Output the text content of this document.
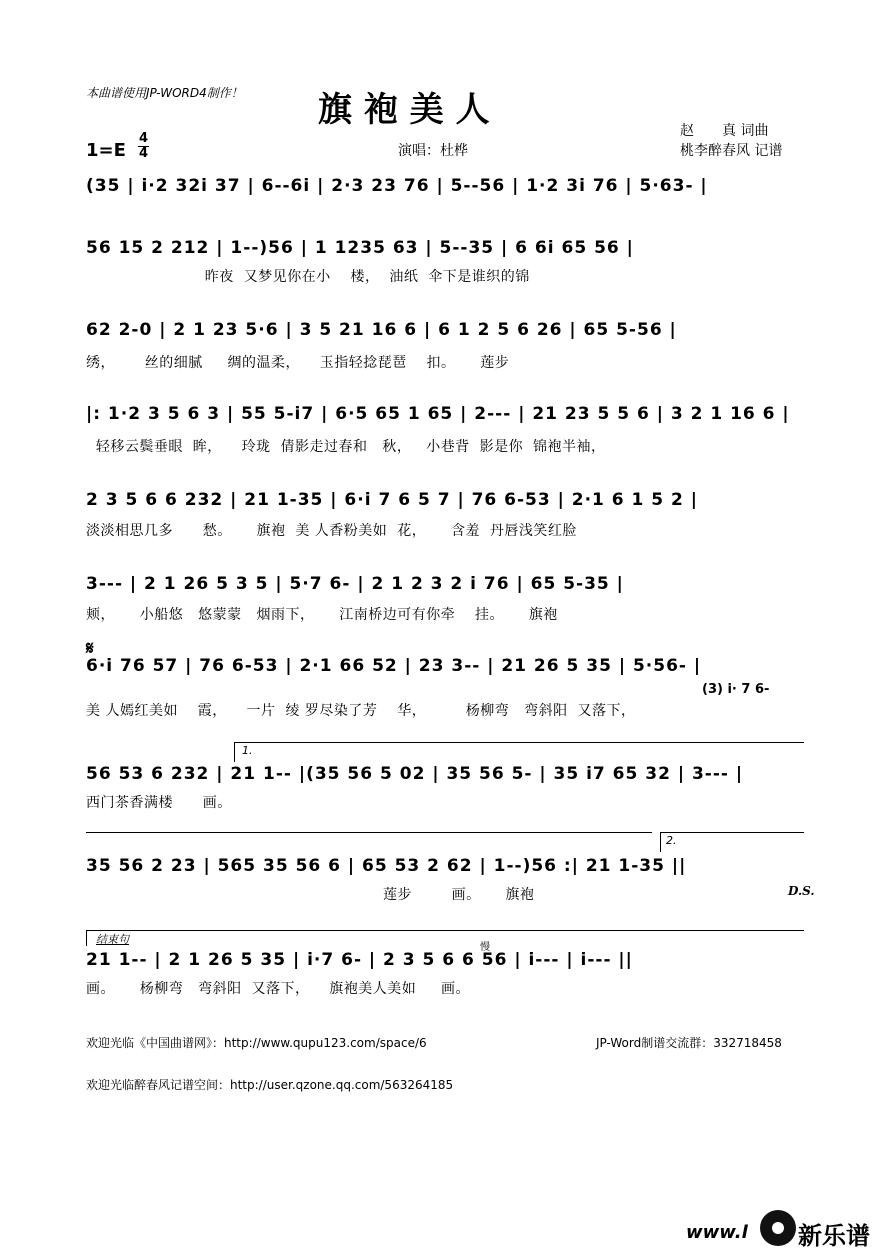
本曲谱使用JP-WORD4制作！ 旗 袍 美 人
1=E
4
4	演唱：杜桦
赵　　真 词曲
桃李醉春风 记谱
(35 | i·2 32i 37 | 6--6i | 2·3 23 76 | 5--56 | 1·2 3i 76 | 5·63- |
56 15 2 212 | 1--)56 | 1 1235 63 | 5--35 | 6 6i 65 56 |
昨夜  又梦见你在小    楼，  油纸  伞下是谁织的锦
62 2-0 | 2 1 23 5·6 | 3 5 21 16 6 | 6 1 2 5 6 26 | 65 5-56 |
绣，      丝的细腻     绸的温柔，    玉指轻捻琵琶    扣。     莲步
|: 1·2 3 5 6 3 | 55 5-i7 | 6·5 65 1 65 | 2--- | 21 23 5 5 6 | 3 2 1 16 6 |
轻移云鬓垂眼  眸，    玲珑  倩影走过春和   秋，   小巷背  影是你  锦袍半袖，
2 3 5 6 6 232 | 21 1-35 | 6·i 7 6 5 7 | 76 6-53 | 2·1 6 1 5 2 |
淡淡相思几多      愁。     旗袍  美 人香粉美如  花，     含羞  丹唇浅笑红脸
3--- | 2 1 26 5 3 5 | 5·7 6- | 2 1 2 3 2 i 76 | 65 5-35 |
颊，     小船悠   悠蒙蒙   烟雨下，     江南桥边可有你牵    挂。     旗袍
𝄋
6·i 76 57 | 76 6-53 | 2·1 66 52 | 23 3-- | 21 26 5 35 | 5·56- |
美 人嫣红美如    霞，    一片  绫 罗尽染了芳    华，        杨柳弯   弯斜阳  又落下，
(3) i· 7 6-
1.
56 53 6 232 | 21 1-- |(35 56 5 02 | 35 56 5- | 35 i7 65 32 | 3--- |
西门茶香满楼      画。
2.
35 56 2 23 | 565 35 56 6 | 65 53 2 62 | 1--)56 :| 21 1-35 ||
莲步        画。     旗袍	D.S.
结束句
慢
21 1-- | 2 1 26 5 35 | i·7 6- | 2 3 5 6 6 56 | i--- | i--- ||
画。     杨柳弯   弯斜阳  又落下，    旗袍美人美如     画。
欢迎光临《中国曲谱网》：http://www.qupu123.com/space/6	JP-Word制谱交流群：332718458
欢迎光临醉春风记谱空间：http://user.qzone.qq.com/563264185
www.l 新乐谱
